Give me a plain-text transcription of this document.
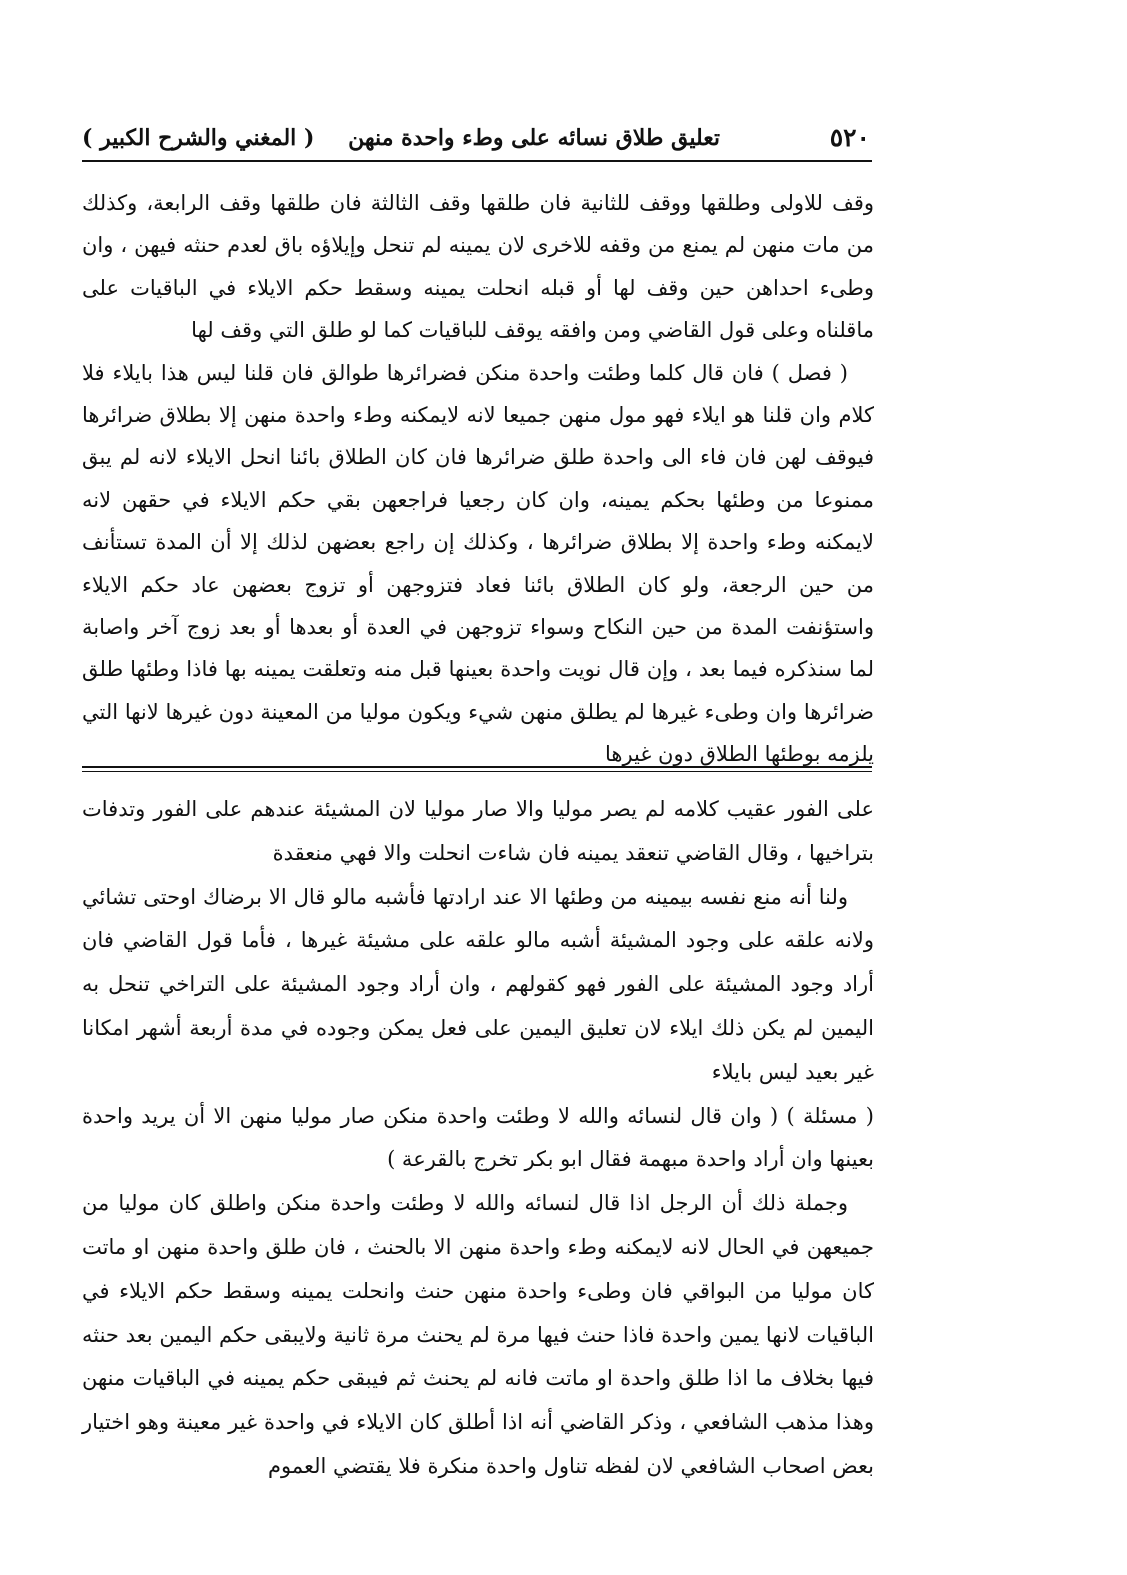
٥٢٠
تعليق طلاق نسائه على وطء واحدة منهن
( المغني والشرح الكبير )

وقف للاولى وطلقها ووقف للثانية فان طلقها وقف الثالثة فان طلقها وقف الرابعة، وكذلك من مات منهن لم يمنع من وقفه للاخرى لان يمينه لم تنحل وإيلاؤه باق لعدم حنثه فيهن ، وان وطىء احداهن حين وقف لها أو قبله انحلت يمينه وسقط حكم الايلاء في الباقيات على ماقلناه وعلى قول القاضي ومن وافقه يوقف للباقيات كما لو طلق التي وقف لها

( فصل ) فان قال كلما وطئت واحدة منكن فضرائرها طوالق فان قلنا ليس هذا بايلاء فلا كلام وان قلنا هو ايلاء فهو مول منهن جميعا لانه لايمكنه وطء واحدة منهن إلا بطلاق ضرائرها فيوقف لهن فان فاء الى واحدة طلق ضرائرها فان كان الطلاق بائنا انحل الايلاء لانه لم يبق ممنوعا من وطئها بحكم يمينه، وان كان رجعيا فراجعهن بقي حكم الايلاء في حقهن لانه لايمكنه وطء واحدة إلا بطلاق ضرائرها ، وكذلك إن راجع بعضهن لذلك إلا أن المدة تستأنف من حين الرجعة، ولو كان الطلاق بائنا فعاد فتزوجهن أو تزوج بعضهن عاد حكم الايلاء واستؤنفت المدة من حين النكاح وسواء تزوجهن في العدة أو بعدها أو بعد زوج آخر واصابة لما سنذكره فيما بعد ، وإن قال نويت واحدة بعينها قبل منه وتعلقت يمينه بها فاذا وطئها طلق ضرائرها وان وطىء غيرها لم يطلق منهن شيء ويكون موليا من المعينة دون غيرها لانها التي يلزمه بوطئها الطلاق دون غيرها

على الفور عقيب كلامه لم يصر موليا والا صار موليا لان المشيئة عندهم على الفور وتدفات بتراخيها ، وقال القاضي تنعقد يمينه فان شاءت انحلت والا فهي منعقدة

ولنا أنه منع نفسه بيمينه من وطئها الا عند ارادتها فأشبه مالو قال الا برضاك اوحتى تشائي ولانه علقه على وجود المشيئة أشبه مالو علقه على مشيئة غيرها ، فأما قول القاضي فان أراد وجود المشيئة على الفور فهو كقولهم ، وان أراد وجود المشيئة على التراخي تنحل به اليمين لم يكن ذلك ايلاء لان تعليق اليمين على فعل يمكن وجوده في مدة أربعة أشهر امكانا غير بعيد ليس بايلاء

( مسئلة ) ( وان قال لنسائه والله لا وطئت واحدة منكن صار موليا منهن الا أن يريد واحدة بعينها وان أراد واحدة مبهمة فقال ابو بكر تخرج بالقرعة )

وجملة ذلك أن الرجل اذا قال لنسائه والله لا وطئت واحدة منكن واطلق كان موليا من جميعهن في الحال لانه لايمكنه وطء واحدة منهن الا بالحنث ، فان طلق واحدة منهن او ماتت كان موليا من البواقي فان وطىء واحدة منهن حنث وانحلت يمينه وسقط حكم الايلاء في الباقيات لانها يمين واحدة فاذا حنث فيها مرة لم يحنث مرة ثانية ولايبقى حكم اليمين بعد حنثه فيها بخلاف ما اذا طلق واحدة او ماتت فانه لم يحنث ثم فيبقى حكم يمينه في الباقيات منهن وهذا مذهب الشافعي ، وذكر القاضي أنه اذا أطلق كان الايلاء في واحدة غير معينة وهو اختيار بعض اصحاب الشافعي لان لفظه تناول واحدة منكرة فلا يقتضي العموم
